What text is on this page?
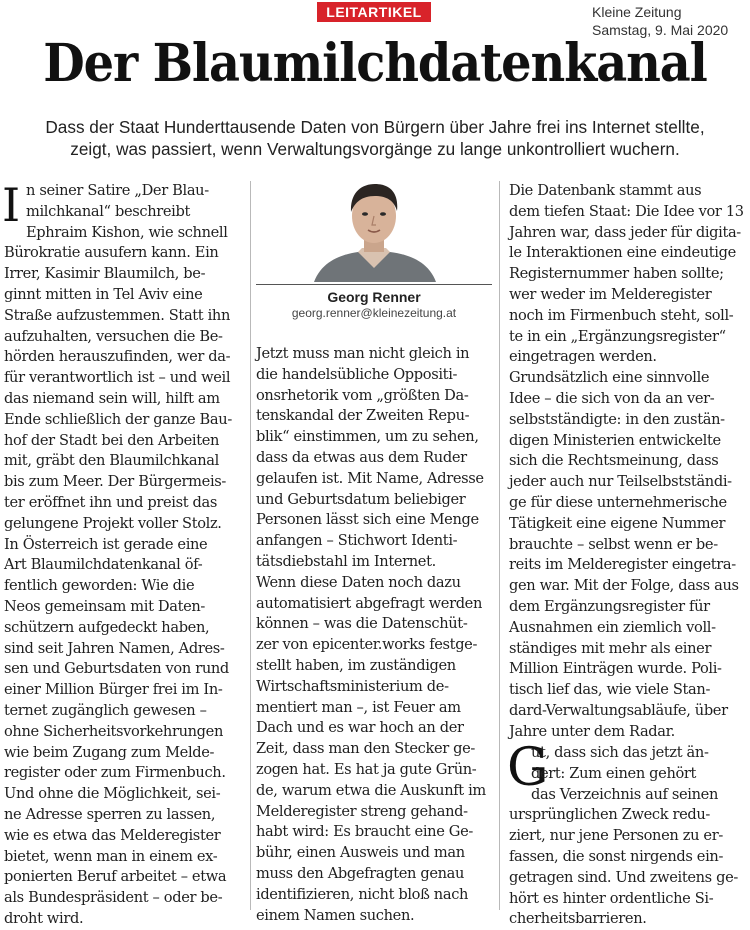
LEITARTIKEL	Kleine Zeitung
Samstag, 9. Mai 2020
Der Blaumilchdatenkanal
Dass der Staat Hunderttausende Daten von Bürgern über Jahre frei ins Internet stellte,
zeigt, was passiert, wenn Verwaltungsvorgänge zu lange unkontrolliert wuchern.
I n seiner Satire „Der Blau-
milchkanal“ beschreibt
Ephraim Kishon, wie schnell
Bürokratie ausufern kann. Ein
Irrer, Kasimir Blaumilch, be-
ginnt mitten in Tel Aviv eine
Straße aufzustemmen. Statt ihn
aufzuhalten, versuchen die Be-
hörden herauszufinden, wer da-
für verantwortlich ist – und weil
das niemand sein will, hilft am
Ende schließlich der ganze Bau-
hof der Stadt bei den Arbeiten
mit, gräbt den Blaumilchkanal
bis zum Meer. Der Bürgermeis-
ter eröffnet ihn und preist das
gelungene Projekt voller Stolz.
In Österreich ist gerade eine
Art Blaumilchdatenkanal öf-
fentlich geworden: Wie die
Neos gemeinsam mit Daten-
schützern aufgedeckt haben,
sind seit Jahren Namen, Adres-
sen und Geburtsdaten von rund
einer Million Bürger frei im In-
ternet zugänglich gewesen –
ohne Sicherheitsvorkehrungen
wie beim Zugang zum Melde-
register oder zum Firmenbuch.
Und ohne die Möglichkeit, sei-
ne Adresse sperren zu lassen,
wie es etwa das Melderegister
bietet, wenn man in einem ex-
ponierten Beruf arbeitet – etwa
als Bundespräsident – oder be-
droht wird.
Georg Renner
georg.renner@kleinezeitung.at
Jetzt muss man nicht gleich in
die handelsübliche Oppositi-
onsrhetorik vom „größten Da-
tenskandal der Zweiten Repu-
blik“ einstimmen, um zu sehen,
dass da etwas aus dem Ruder
gelaufen ist. Mit Name, Adresse
und Geburtsdatum beliebiger
Personen lässt sich eine Menge
anfangen – Stichwort Identi-
tätsdiebstahl im Internet.
Wenn diese Daten noch dazu
automatisiert abgefragt werden
können – was die Datenschüt-
zer von epicenter.works festge-
stellt haben, im zuständigen
Wirtschaftsministerium de-
mentiert man –, ist Feuer am
Dach und es war hoch an der
Zeit, dass man den Stecker ge-
zogen hat. Es hat ja gute Grün-
de, warum etwa die Auskunft im
Melderegister streng gehand-
habt wird: Es braucht eine Ge-
bühr, einen Ausweis und man
muss den Abgefragten genau
identifizieren, nicht bloß nach
einem Namen suchen.
Die Datenbank stammt aus
dem tiefen Staat: Die Idee vor 13
Jahren war, dass jeder für digita-
le Interaktionen eine eindeutige
Registernummer haben sollte;
wer weder im Melderegister
noch im Firmenbuch steht, soll-
te in ein „Ergänzungsregister“
eingetragen werden.
Grundsätzlich eine sinnvolle
Idee – die sich von da an ver-
selbstständigte: in den zustän-
digen Ministerien entwickelte
sich die Rechtsmeinung, dass
jeder auch nur Teilselbstständi-
ge für diese unternehmerische
Tätigkeit eine eigene Nummer
brauchte – selbst wenn er be-
reits im Melderegister eingetra-
gen war. Mit der Folge, dass aus
dem Ergänzungsregister für
Ausnahmen ein ziemlich voll-
ständiges mit mehr als einer
Million Einträgen wurde. Poli-
tisch lief das, wie viele Stan-
dard-Verwaltungsabläufe, über
Jahre unter dem Radar.
G
ut, dass sich das jetzt än-
dert: Zum einen gehört
das Verzeichnis auf seinen
ursprünglichen Zweck redu-
ziert, nur jene Personen zu er-
fassen, die sonst nirgends ein-
getragen sind. Und zweitens ge-
hört es hinter ordentliche Si-
cherheitsbarrieren.
